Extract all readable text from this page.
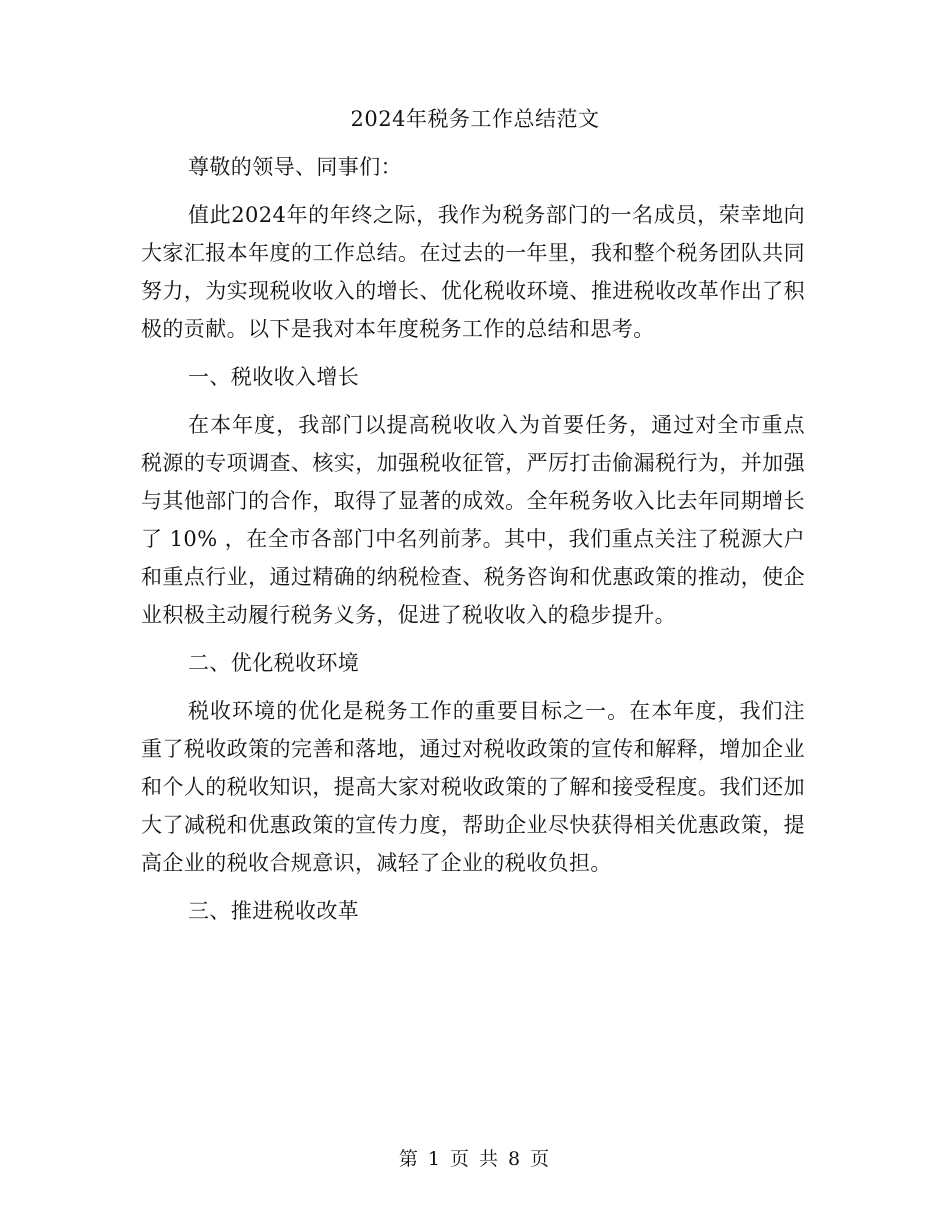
2024年税务工作总结范文

尊敬的领导、同事们：

值此2024年的年终之际，我作为税务部门的一名成员，荣幸地向大家汇报本年度的工作总结。在过去的一年里，我和整个税务团队共同努力，为实现税收收入的增长、优化税收环境、推进税收改革作出了积极的贡献。以下是我对本年度税务工作的总结和思考。

一、税收收入增长

在本年度，我部门以提高税收收入为首要任务，通过对全市重点税源的专项调查、核实，加强税收征管，严厉打击偷漏税行为，并加强与其他部门的合作，取得了显著的成效。全年税务收入比去年同期增长了 10% ，在全市各部门中名列前茅。其中，我们重点关注了税源大户和重点行业，通过精确的纳税检查、税务咨询和优惠政策的推动，使企业积极主动履行税务义务，促进了税收收入的稳步提升。

二、优化税收环境

税收环境的优化是税务工作的重要目标之一。在本年度，我们注重了税收政策的完善和落地，通过对税收政策的宣传和解释，增加企业和个人的税收知识，提高大家对税收政策的了解和接受程度。我们还加大了减税和优惠政策的宣传力度，帮助企业尽快获得相关优惠政策，提高企业的税收合规意识，减轻了企业的税收负担。

三、推进税收改革

第 1 页 共 8 页
